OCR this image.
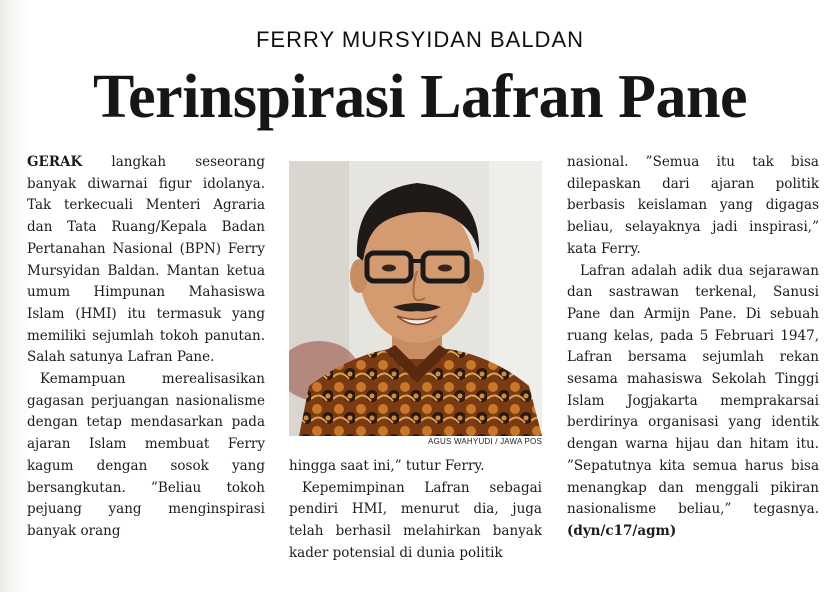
FERRY MURSYIDAN BALDAN
Terinspirasi Lafran Pane

GERAK langkah seseorang banyak diwarnai figur idolanya. Tak terkecuali Menteri Agraria dan Tata Ruang/Kepala Badan Pertanahan Nasional (BPN) Ferry Mursyidan Baldan. Mantan ketua umum Himpunan Mahasiswa Islam (HMI) itu termasuk yang memiliki sejumlah tokoh panutan. Salah satunya Lafran Pane.

Kemampuan merealisasikan gagasan perjuangan nasionalisme dengan tetap mendasarkan pada ajaran Islam membuat Ferry kagum dengan sosok yang bersangkutan. ”Beliau tokoh pejuang yang menginspirasi banyak orang

AGUS WAHYUDI / JAWA POS

hingga saat ini,” tutur Ferry.

Kepemimpinan Lafran sebagai pendiri HMI, menurut dia, juga telah berhasil melahirkan banyak kader potensial di dunia politik

nasional. ”Semua itu tak bisa dilepaskan dari ajaran politik berbasis keislaman yang digagas beliau, selayaknya jadi inspirasi,” kata Ferry.

Lafran adalah adik dua sejarawan dan sastrawan terkenal, Sanusi Pane dan Armijn Pane. Di sebuah ruang kelas, pada 5 Februari 1947, Lafran bersama sejumlah rekan sesama mahasiswa Sekolah Tinggi Islam Jogjakarta memprakarsai berdirinya organisasi yang identik dengan warna hijau dan hitam itu. ”Sepatutnya kita semua harus bisa menangkap dan menggali pikiran nasionalisme beliau,” tegasnya. (dyn/c17/agm)
